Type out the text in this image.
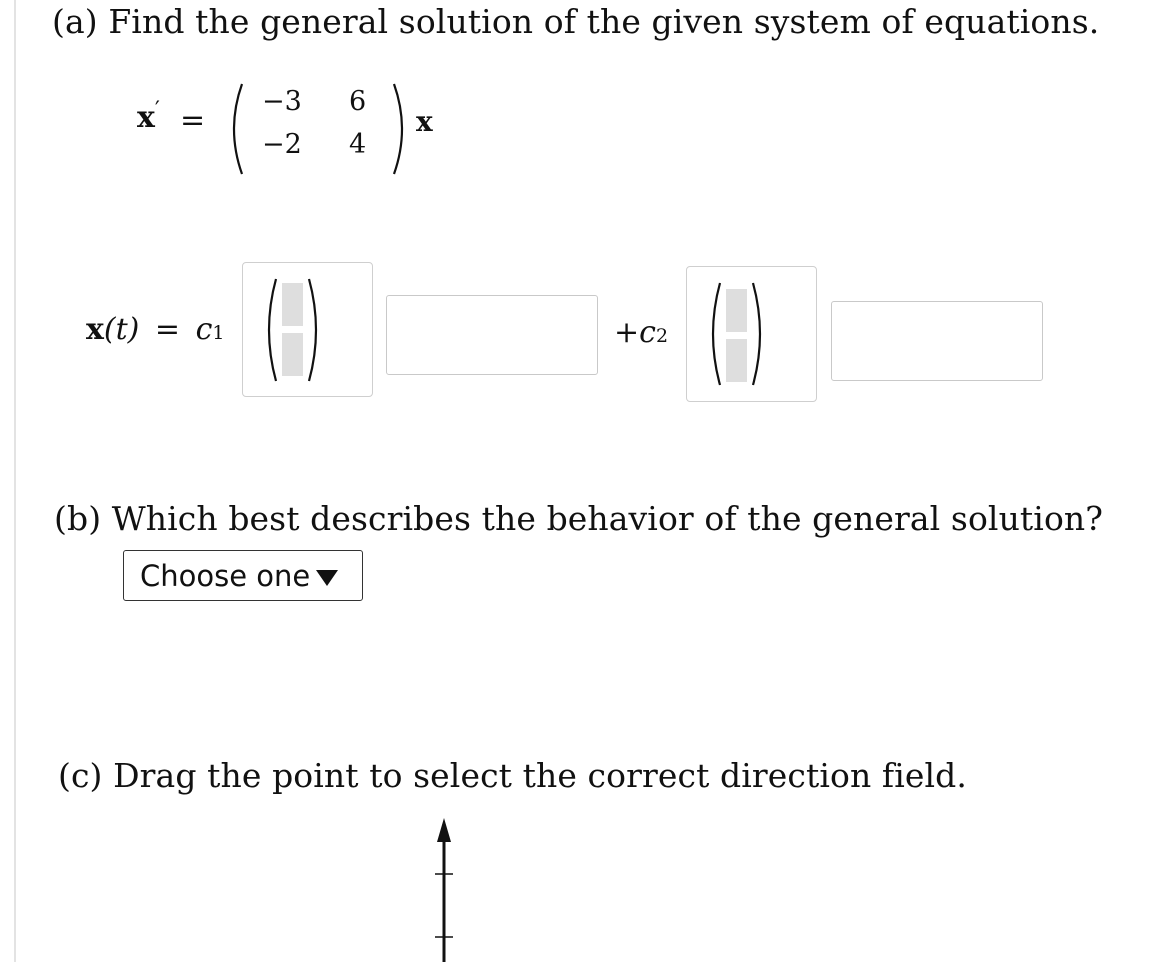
(a) Find the general solution of the given system of equations.
x′ =
−3 6
−2 4
x
x(t) = c1	+c2
(b) Which best describes the behavior of the general solution?
Choose one
(c) Drag the point to select the correct direction field.
